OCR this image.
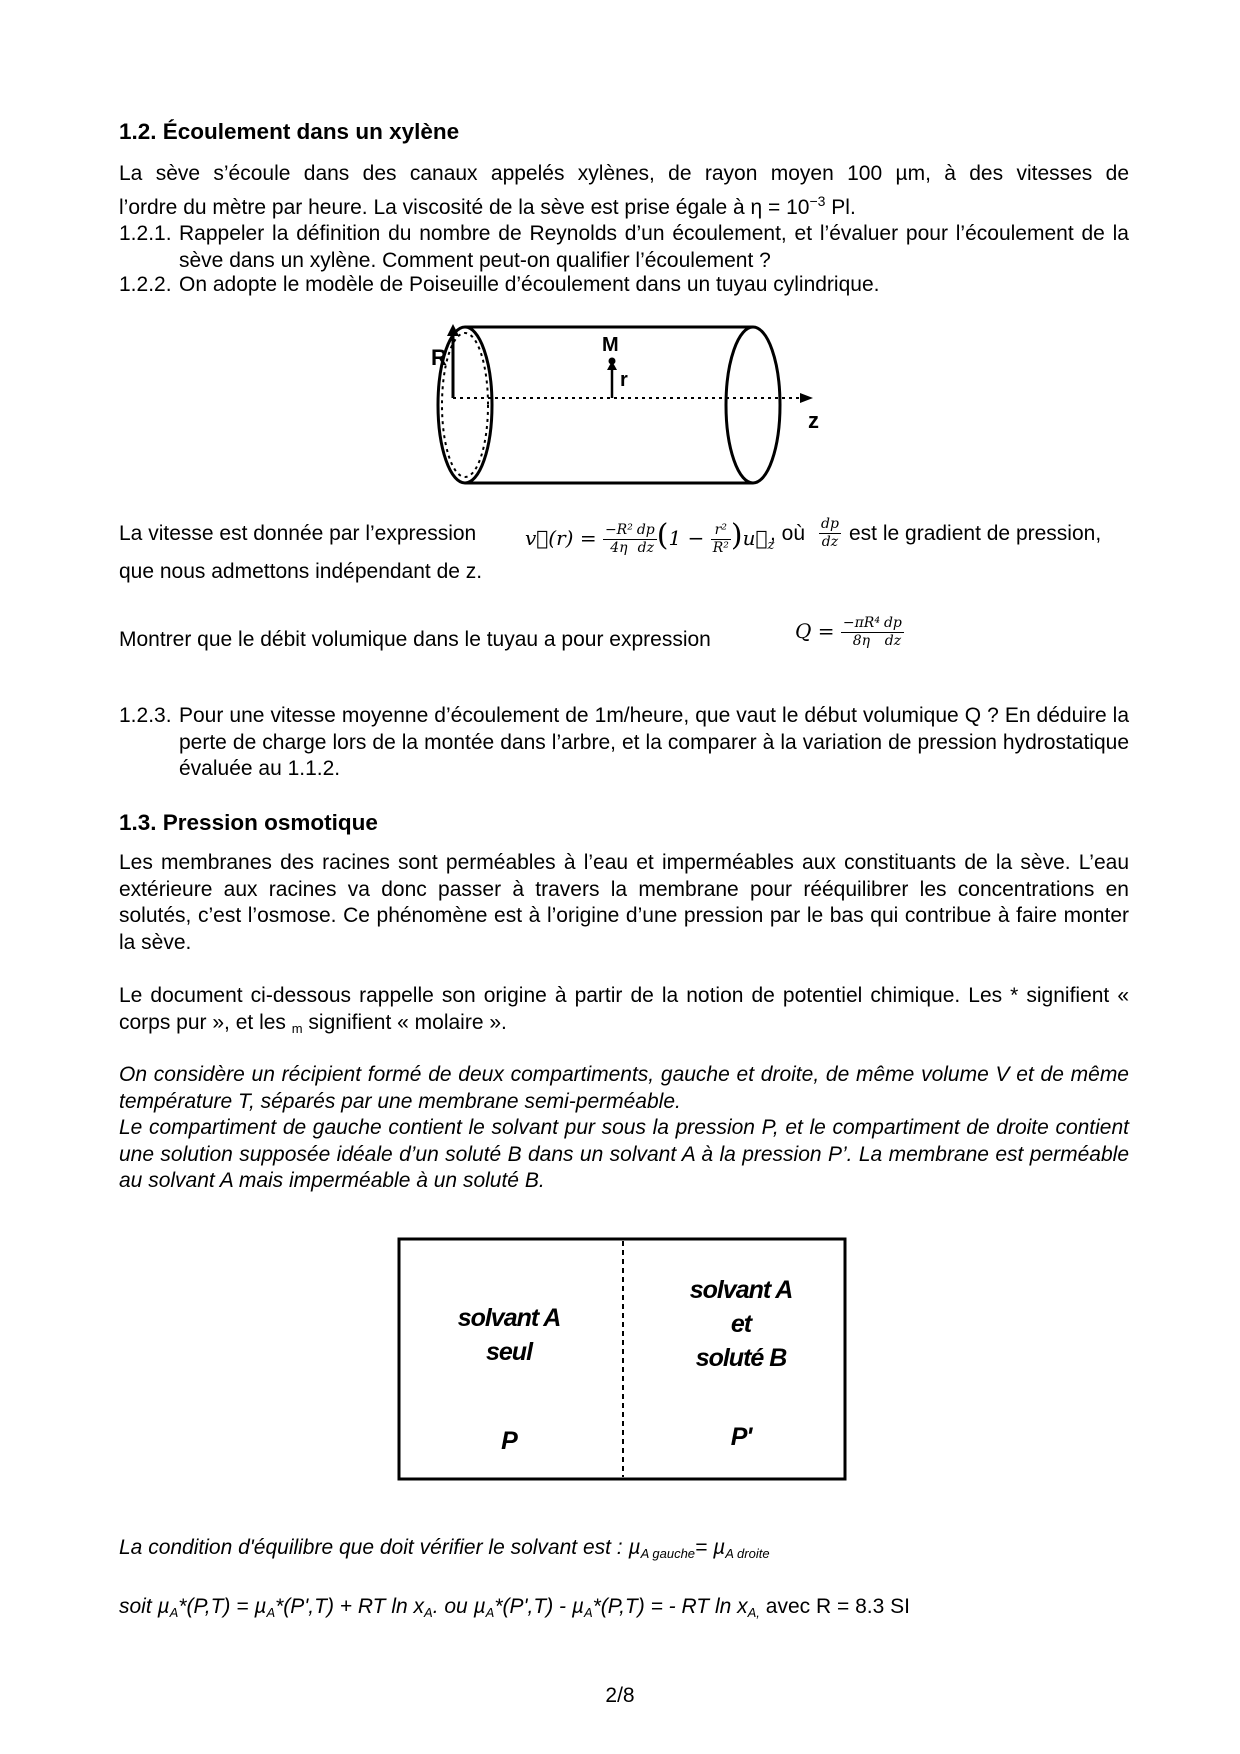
1.2. Écoulement dans un xylène
La sève s’écoule dans des canaux appelés xylènes, de rayon moyen 100 µm, à des vitesses de
l’ordre du mètre par heure. La viscosité de la sève est prise égale à $\eta = 10^{-3}$ Pl.
1.2.1. Rappeler la définition du nombre de Reynolds d’un écoulement, et l’évaluer pour l’écoulement de la sève dans un xylène. Comment peut-on qualifier l’écoulement ?
1.2.2. On adopte le modèle de Poiseuille d’écoulement dans un tuyau cylindrique.
R	M
r
z
La vitesse est donnée par l’expression v⃗(r) = $\frac{\text{−R²}}{4\eta} \frac{dp}{dz} (1 - \frac{\text{r²}}{\text{R²}}$ )$u⃗_z$
, où $\frac{dp}{dz}$ est le gradient de pression,
que nous admettons indépendant de z.
Montrer que le débit volumique dans le tuyau a pour expression	$Q = \frac{\text{−πR⁴}}{8\eta} \frac{dp}{dz}$
1.2.3. Pour une vitesse moyenne d’écoulement de 1m/heure, que vaut le début volumique Q ? En déduire la perte de charge lors de la montée dans l’arbre, et la comparer à la variation de pression hydrostatique évaluée au 1.1.2.
1.3. Pression osmotique
Les membranes des racines sont perméables à l’eau et imperméables aux constituants de la sève. L’eau extérieure aux racines va donc passer à travers la membrane pour rééquilibrer les concentrations en solutés, c’est l’osmose. Ce phénomène est à l’origine d’une pression par le bas qui contribue à faire monter la sève.
Le document ci-dessous rappelle son origine à partir de la notion de potentiel chimique. Les * signifient « corps pur », et les m signifient « molaire ».
On considère un récipient formé de deux compartiments, gauche et droite, de même volume V et de même température T, séparés par une membrane semi-perméable.
Le compartiment de gauche contient le solvant pur sous la pression P, et le compartiment de droite contient une solution supposée idéale d’un soluté B dans un solvant A à la pression P’. La membrane est perméable au solvant A mais imperméable à un soluté B.
solvant A
seul
P
solvant A
et
soluté B
P'
La condition d'équilibre que doit vérifier le solvant est : µA gauche= µA droite
soit µA*(P,T) = µA*(P',T) + RT ln xA. ou µA*(P',T) - µA*(P,T) = - RT ln xA, avec R = 8.3 SI
2/8
